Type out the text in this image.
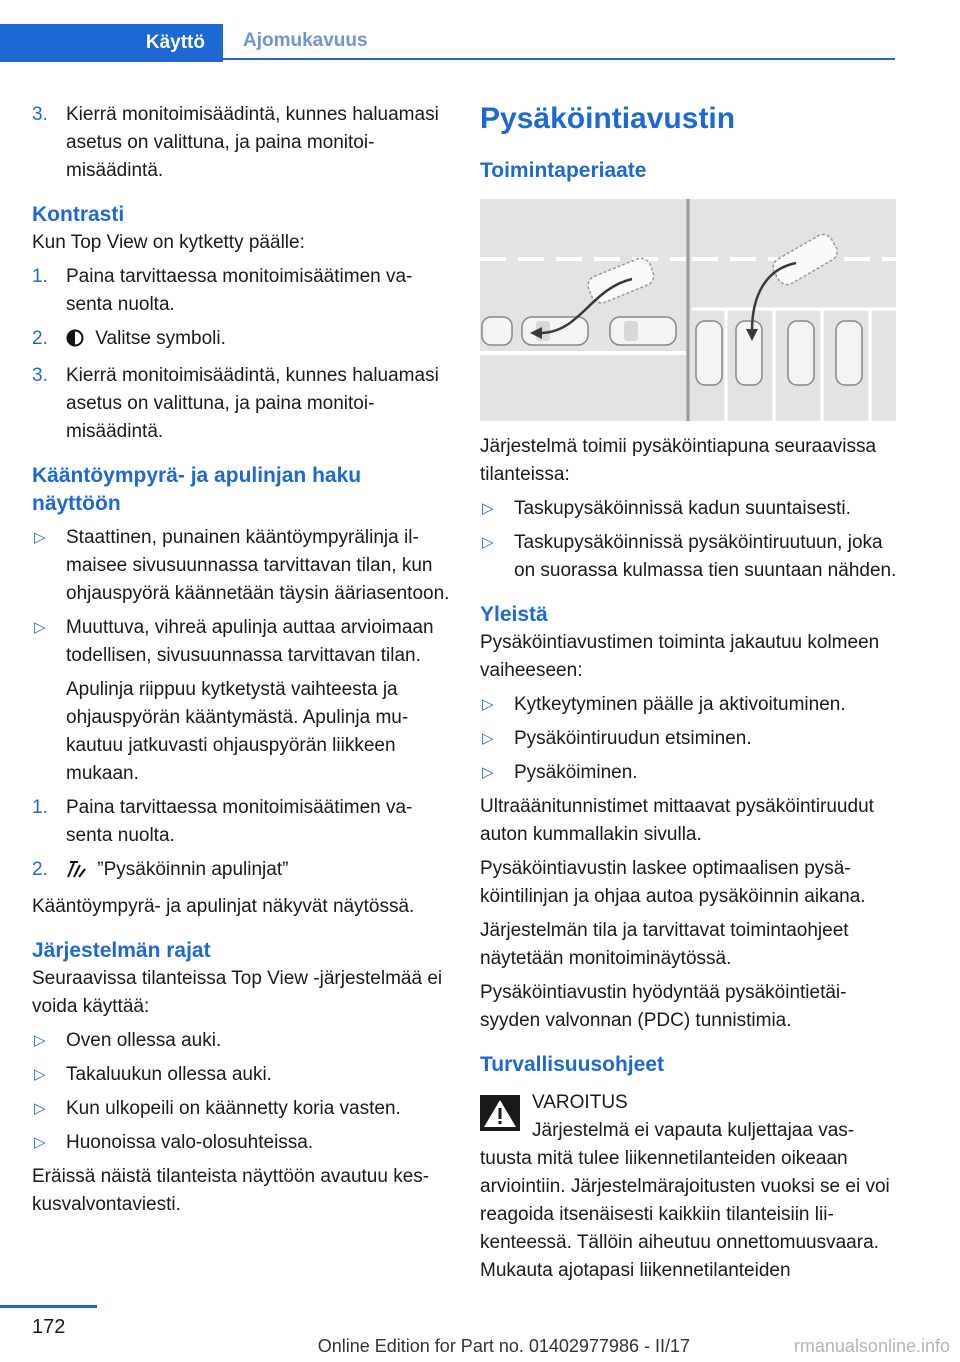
Käyttö Ajomukavuus
3. Kierrä monitoimisäädintä, kunnes haluamasi asetus on valittuna, ja paina monitoimisäädintä.
Kontrasti
Kun Top View on kytketty päälle:
1. Paina tarvittaessa monitoimisäätimen vasenta nuolta.
2. Valitse symboli.
3. Kierrä monitoimisäädintä, kunnes haluamasi asetus on valittuna, ja paina monitoimisäädintä.
Kääntöympyrä- ja apulinjan haku näyttöön
▷ Staattinen, punainen kääntöympyrälinja ilmaisee sivusuunnassa tarvittavan tilan, kun ohjauspyörä käännetään täysin ääriasentoon.
▷ Muuttuva, vihreä apulinja auttaa arvioimaan todellisen, sivusuunnassa tarvittavan tilan.
Apulinja riippuu kytketystä vaihteesta ja ohjauspyörän kääntymästä. Apulinja mukautuu jatkuvasti ohjauspyörän liikkeen mukaan.
1. Paina tarvittaessa monitoimisäätimen vasenta nuolta.
2.	”Pysäköinnin apulinjat”
Kääntöympyrä- ja apulinjat näkyvät näytössä.
Järjestelmän rajat
Seuraavissa tilanteissa Top View -järjestelmää ei voida käyttää:
▷ Oven ollessa auki.
▷ Takaluukun ollessa auki.
▷ Kun ulkopeili on käännetty koria vasten.
▷ Huonoissa valo-olosuhteissa.
Eräissä näistä tilanteista näyttöön avautuu keskusvalvontaviesti.
Pysäköintiavustin
Toimintaperiaate
Järjestelmä toimii pysäköintiapuna seuraavissa tilanteissa:
▷ Taskupysäköinnissä kadun suuntaisesti.
▷ Taskupysäköinnissä pysäköintiruutuun, joka on suorassa kulmassa tien suuntaan nähden.
Yleistä
Pysäköintiavustimen toiminta jakautuu kolmeen vaiheeseen:
▷ Kytkeytyminen päälle ja aktivoituminen.
▷ Pysäköintiruudun etsiminen.
▷ Pysäköiminen.
Ultraäänitunnistimet mittaavat pysäköintiruudut auton kummallakin sivulla.
Pysäköintiavustin laskee optimaalisen pysäköintilinjan ja ohjaa autoa pysäköinnin aikana.
Järjestelmän tila ja tarvittavat toimintaohjeet näytetään monitoiminäytössä.
Pysäköintiavustin hyödyntää pysäköintietäisyyden valvonnan (PDC) tunnistimia.
Turvallisuusohjeet
VAROITUS
Järjestelmä ei vapauta kuljettajaa vastuusta mitä tulee liikennetilanteiden oikeaan arviointiin. Järjestelmärajoitusten vuoksi se ei voi reagoida itsenäisesti kaikkiin tilanteisiin liikenteessä. Tällöin aiheutuu onnettomuusvaara. Mukauta ajotapasi liikennetilanteiden
172
Online Edition for Part no. 01402977986 - II/17	rmanualsonline.info
